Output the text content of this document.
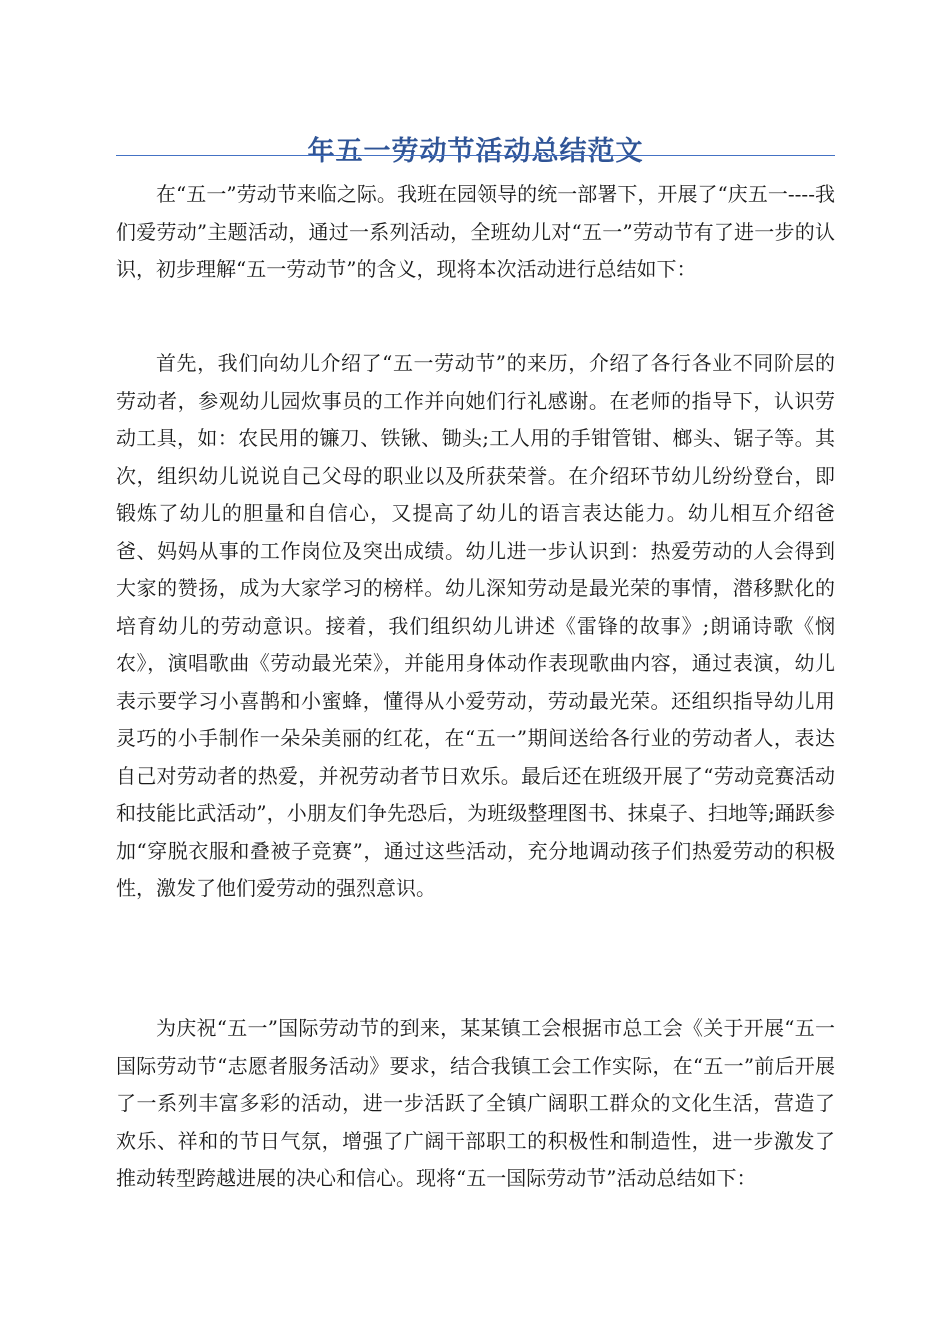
年五一劳动节活动总结范文

在“五一”劳动节来临之际。我班在园领导的统一部署下，开展了“庆五一----我们爱劳动”主题活动，通过一系列活动，全班幼儿对“五一”劳动节有了进一步的认识，初步理解“五一劳动节”的含义，现将本次活动进行总结如下：

首先，我们向幼儿介绍了“五一劳动节”的来历，介绍了各行各业不同阶层的劳动者，参观幼儿园炊事员的工作并向她们行礼感谢。在老师的指导下，认识劳动工具，如：农民用的镰刀、铁锹、锄头;工人用的手钳管钳、榔头、锯子等。其次，组织幼儿说说自己父母的职业以及所获荣誉。在介绍环节幼儿纷纷登台，即锻炼了幼儿的胆量和自信心，又提高了幼儿的语言表达能力。幼儿相互介绍爸爸、妈妈从事的工作岗位及突出成绩。幼儿进一步认识到：热爱劳动的人会得到大家的赞扬，成为大家学习的榜样。幼儿深知劳动是最光荣的事情，潜移默化的培育幼儿的劳动意识。接着，我们组织幼儿讲述《雷锋的故事》;朗诵诗歌《悯农》，演唱歌曲《劳动最光荣》，并能用身体动作表现歌曲内容，通过表演，幼儿表示要学习小喜鹊和小蜜蜂，懂得从小爱劳动，劳动最光荣。还组织指导幼儿用灵巧的小手制作一朵朵美丽的红花，在“五一”期间送给各行业的劳动者人，表达自己对劳动者的热爱，并祝劳动者节日欢乐。最后还在班级开展了“劳动竞赛活动和技能比武活动”，小朋友们争先恐后，为班级整理图书、抹桌子、扫地等;踊跃参加“穿脱衣服和叠被子竞赛”，通过这些活动，充分地调动孩子们热爱劳动的积极性，激发了他们爱劳动的强烈意识。

为庆祝“五一”国际劳动节的到来，某某镇工会根据市总工会《关于开展“五一国际劳动节“志愿者服务活动》要求，结合我镇工会工作实际，在“五一”前后开展了一系列丰富多彩的活动，进一步活跃了全镇广阔职工群众的文化生活，营造了欢乐、祥和的节日气氛，增强了广阔干部职工的积极性和制造性，进一步激发了推动转型跨越进展的决心和信心。现将“五一国际劳动节”活动总结如下：
